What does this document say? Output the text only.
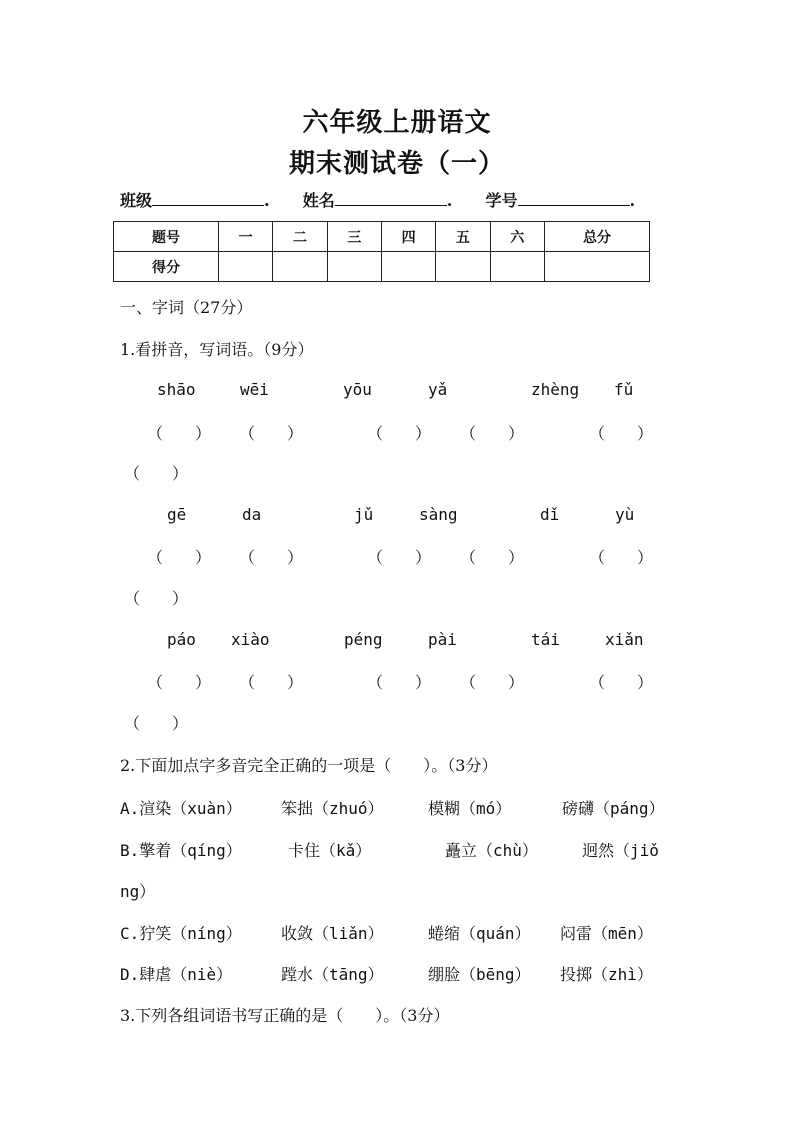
六年级上册语文
期末测试卷（一）
班级	. 姓名	. 学号	.
题号	一	二	三	四	五	六	总分
得分							
一、字词（27分）
1.看拼音，写词语。（9分）
shāo	wēi	yōu	yǎ	zhèng fǔ
（　　） （　　）	（　　） （　　）	（　　）
（　　）
gē	da	jǔ	sàng	dǐ	yù
（　　） （　　）	（　　） （　　）	（　　）
（　　）
páo xiào	péng	pài	tái	xiǎn
（　　） （　　）	（　　） （　　）	（　　）
（　　）
2.下面加点字多音完全正确的一项是（　　）。（3分）
A.渲染（xuàn） 笨拙（zhuó）	模糊（mó）	磅礴（páng）
B.擎着（qíng）	卡住（kǎ）	矗立（chù）	迥然（jiǒ
ng）
C.狞笑（níng） 收敛（liǎn）	蜷缩（quán） 闷雷（mēn）
D.肆虐（niè）	蹚水（tāng）	绷脸（bēng） 投掷（zhì）
3.下列各组词语书写正确的是（　　）。（3分）
